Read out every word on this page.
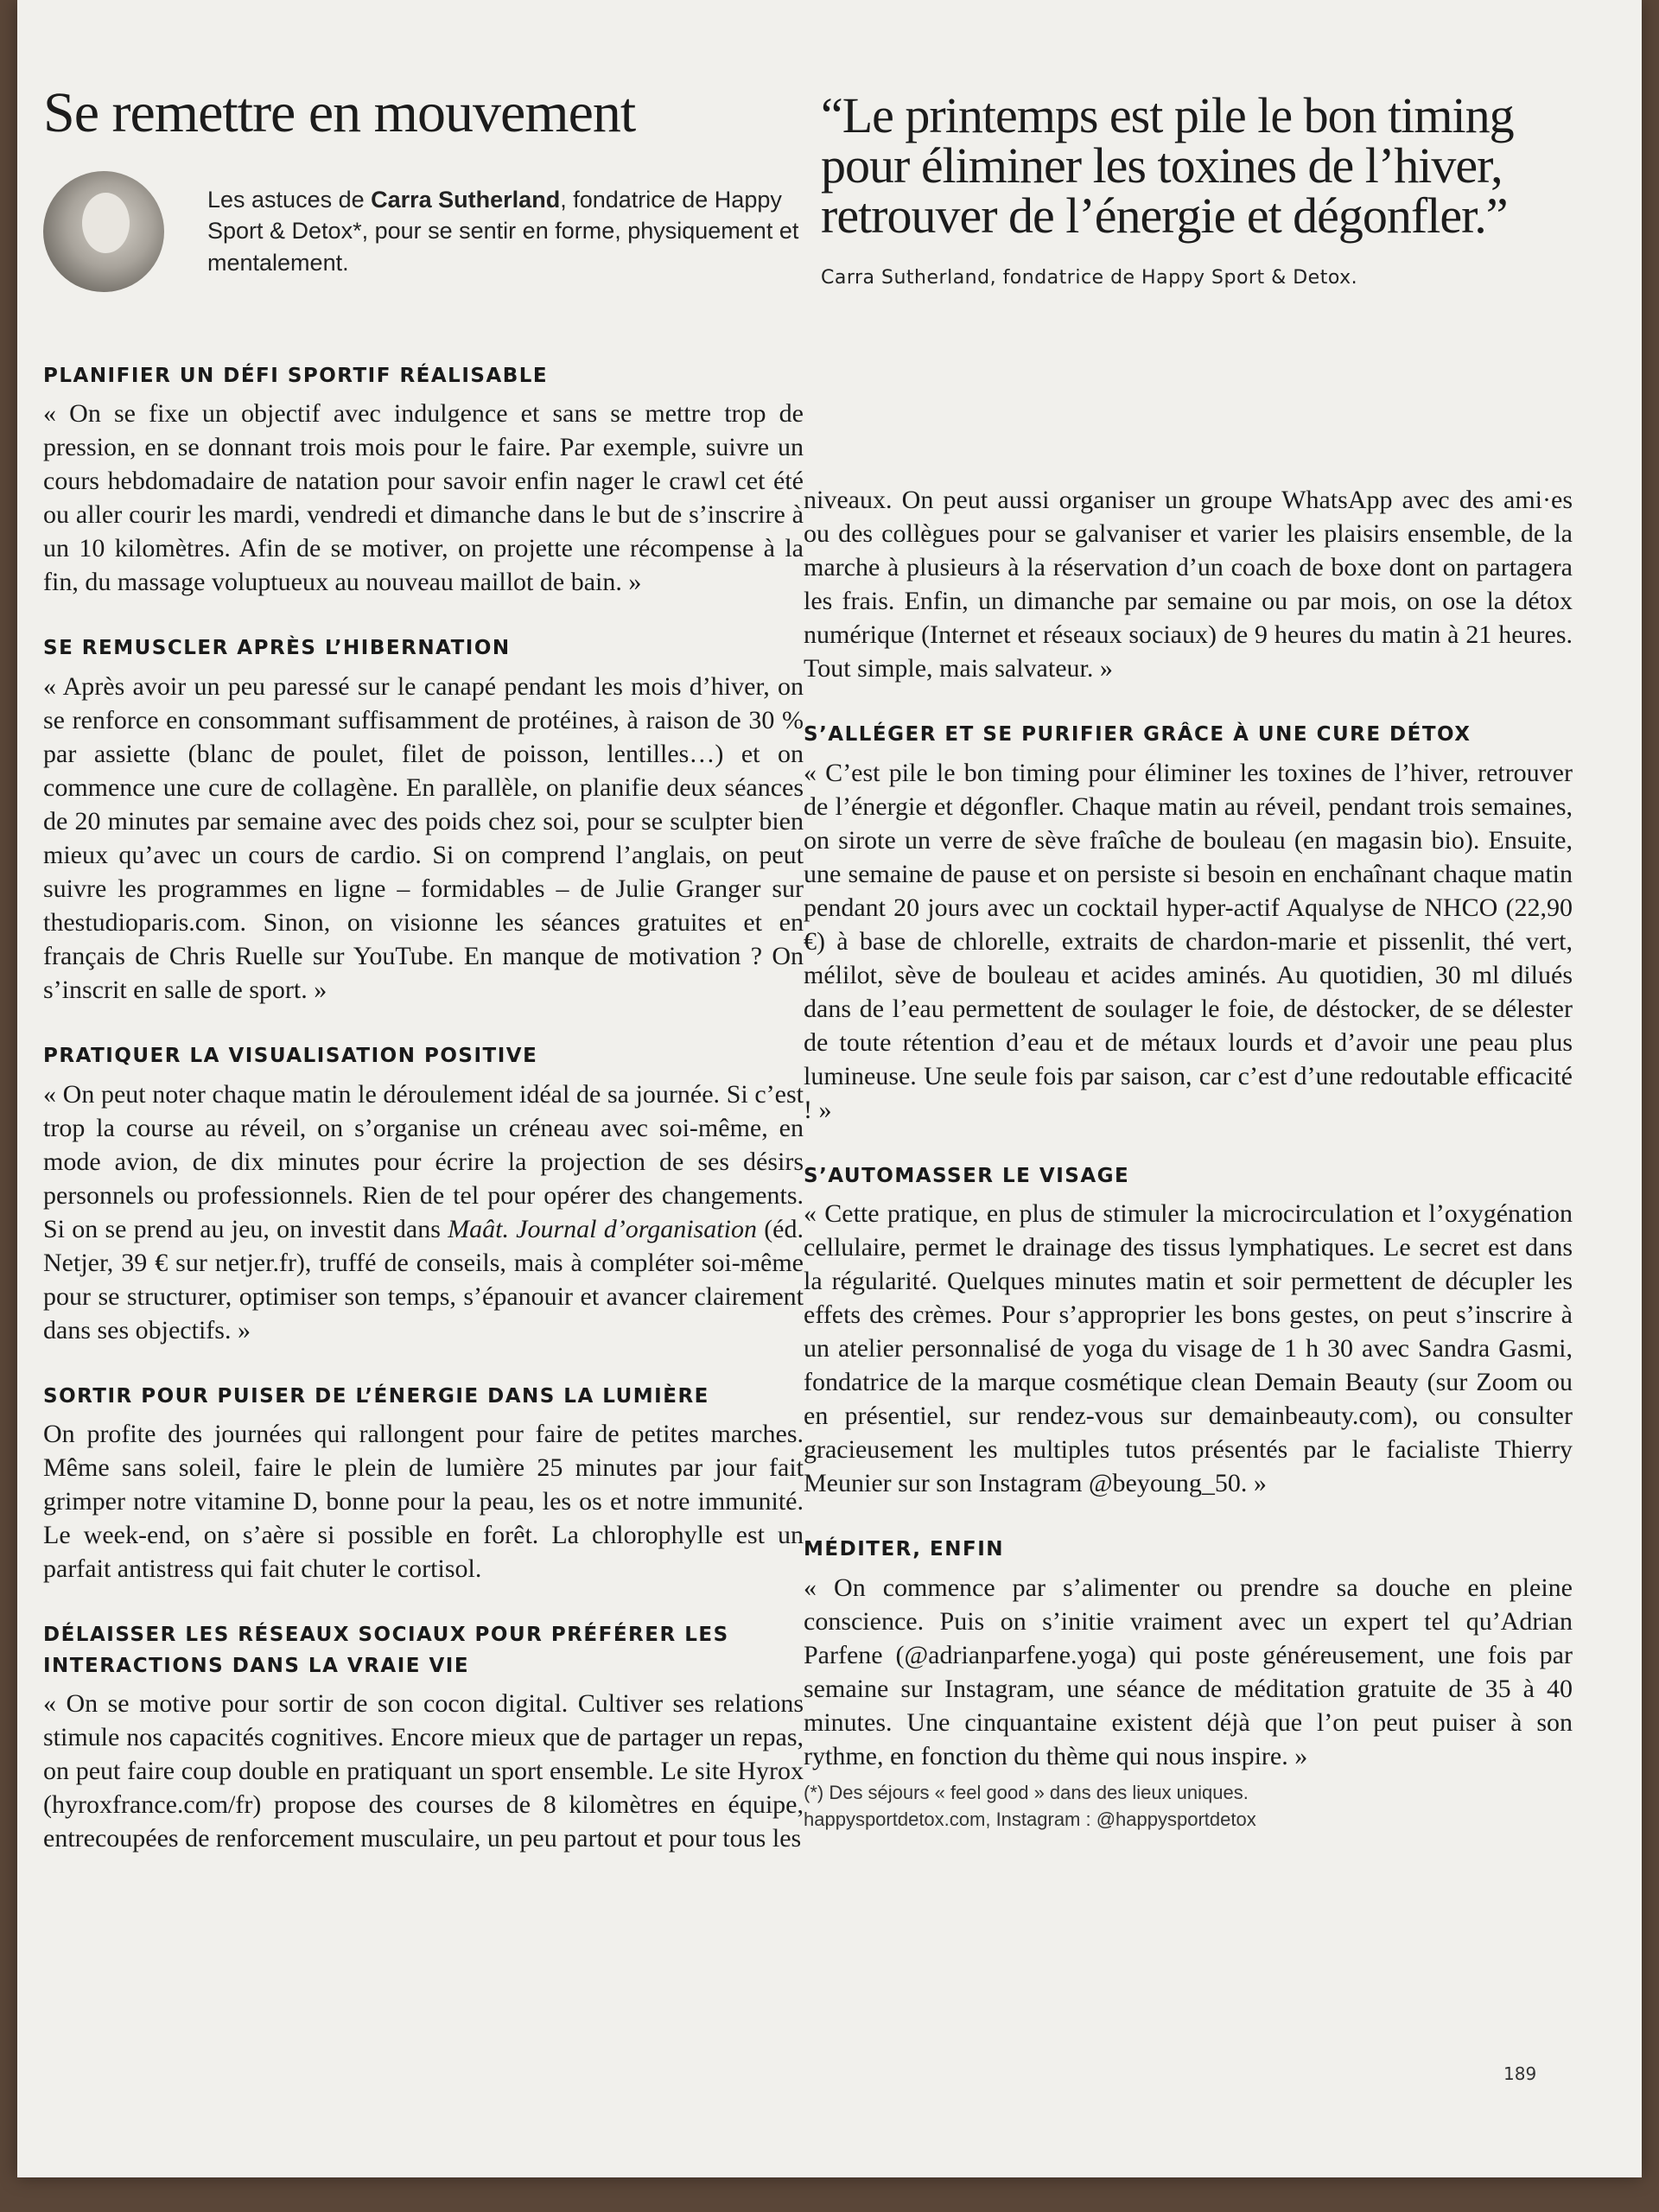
Se remettre en mouvement

Les astuces de Carra Sutherland, fondatrice de Happy Sport & Detox*, pour se sentir en forme, physiquement et mentalement.

PLANIFIER UN DÉFI SPORTIF RÉALISABLE

« On se fixe un objectif avec indulgence et sans se mettre trop de pression, en se donnant trois mois pour le faire. Par exemple, suivre un cours hebdomadaire de natation pour savoir enfin nager le crawl cet été ou aller courir les mardi, vendredi et dimanche dans le but de s’inscrire à un 10 kilomètres. Afin de se motiver, on projette une récompense à la fin, du massage voluptueux au nouveau maillot de bain. »

SE REMUSCLER APRÈS L’HIBERNATION

« Après avoir un peu paressé sur le canapé pendant les mois d’hiver, on se renforce en consommant suffisamment de protéines, à raison de 30 % par assiette (blanc de poulet, filet de poisson, lentilles…) et on commence une cure de collagène. En parallèle, on planifie deux séances de 20 minutes par semaine avec des poids chez soi, pour se sculpter bien mieux qu’avec un cours de cardio. Si on comprend l’anglais, on peut suivre les programmes en ligne – formidables – de Julie Granger sur thestudioparis.com. Sinon, on visionne les séances gratuites et en français de Chris Ruelle sur YouTube. En manque de motivation ? On s’inscrit en salle de sport. »

PRATIQUER LA VISUALISATION POSITIVE

« On peut noter chaque matin le déroulement idéal de sa journée. Si c’est trop la course au réveil, on s’organise un créneau avec soi-même, en mode avion, de dix minutes pour écrire la projection de ses désirs personnels ou professionnels. Rien de tel pour opérer des changements. Si on se prend au jeu, on investit dans Maât. Journal d’organisation (éd. Netjer, 39 € sur netjer.fr), truffé de conseils, mais à compléter soi-même pour se structurer, optimiser son temps, s’épanouir et avancer clairement dans ses objectifs. »

SORTIR POUR PUISER DE L’ÉNERGIE DANS LA LUMIÈRE

On profite des journées qui rallongent pour faire de petites marches. Même sans soleil, faire le plein de lumière 25 minutes par jour fait grimper notre vitamine D, bonne pour la peau, les os et notre immunité. Le week-end, on s’aère si possible en forêt. La chlorophylle est un parfait antistress qui fait chuter le cortisol.

DÉLAISSER LES RÉSEAUX SOCIAUX POUR PRÉFÉRER LES INTERACTIONS DANS LA VRAIE VIE

« On se motive pour sortir de son cocon digital. Cultiver ses relations stimule nos capacités cognitives. Encore mieux que de partager un repas, on peut faire coup double en pratiquant un sport ensemble. Le site Hyrox (hyroxfrance.com/fr) propose des courses de 8 kilomètres en équipe, entrecoupées de renforcement musculaire, un peu partout et pour tous les

“Le printemps est pile le bon timing pour éliminer les toxines de l’hiver, retrouver de l’énergie et dégonfler.”

Carra Sutherland, fondatrice de Happy Sport & Detox.

niveaux. On peut aussi organiser un groupe WhatsApp avec des ami·es ou des collègues pour se galvaniser et varier les plaisirs ensemble, de la marche à plusieurs à la réservation d’un coach de boxe dont on partagera les frais. Enfin, un dimanche par semaine ou par mois, on ose la détox numérique (Internet et réseaux sociaux) de 9 heures du matin à 21 heures. Tout simple, mais salvateur. »

S’ALLÉGER ET SE PURIFIER GRÂCE À UNE CURE DÉTOX

« C’est pile le bon timing pour éliminer les toxines de l’hiver, retrouver de l’énergie et dégonfler. Chaque matin au réveil, pendant trois semaines, on sirote un verre de sève fraîche de bouleau (en magasin bio). Ensuite, une semaine de pause et on persiste si besoin en enchaînant chaque matin pendant 20 jours avec un cocktail hyper-actif Aqualyse de NHCO (22,90 €) à base de chlorelle, extraits de chardon-marie et pissenlit, thé vert, mélilot, sève de bouleau et acides aminés. Au quotidien, 30 ml dilués dans de l’eau permettent de soulager le foie, de déstocker, de se délester de toute rétention d’eau et de métaux lourds et d’avoir une peau plus lumineuse. Une seule fois par saison, car c’est d’une redoutable efficacité ! »

S’AUTOMASSER LE VISAGE

« Cette pratique, en plus de stimuler la microcirculation et l’oxygénation cellulaire, permet le drainage des tissus lymphatiques. Le secret est dans la régularité. Quelques minutes matin et soir permettent de décupler les effets des crèmes. Pour s’approprier les bons gestes, on peut s’inscrire à un atelier personnalisé de yoga du visage de 1 h 30 avec Sandra Gasmi, fondatrice de la marque cosmétique clean Demain Beauty (sur Zoom ou en présentiel, sur rendez-vous sur demainbeauty.com), ou consulter gracieusement les multiples tutos présentés par le facialiste Thierry Meunier sur son Instagram @beyoung_50. »

MÉDITER, ENFIN

« On commence par s’alimenter ou prendre sa douche en pleine conscience. Puis on s’initie vraiment avec un expert tel qu’Adrian Parfene (@adrianparfene.yoga) qui poste généreusement, une fois par semaine sur Instagram, une séance de méditation gratuite de 35 à 40 minutes. Une cinquantaine existent déjà que l’on peut puiser à son rythme, en fonction du thème qui nous inspire. »

(*) Des séjours « feel good » dans des lieux uniques.
happysportdetox.com, Instagram : @happysportdetox
189
